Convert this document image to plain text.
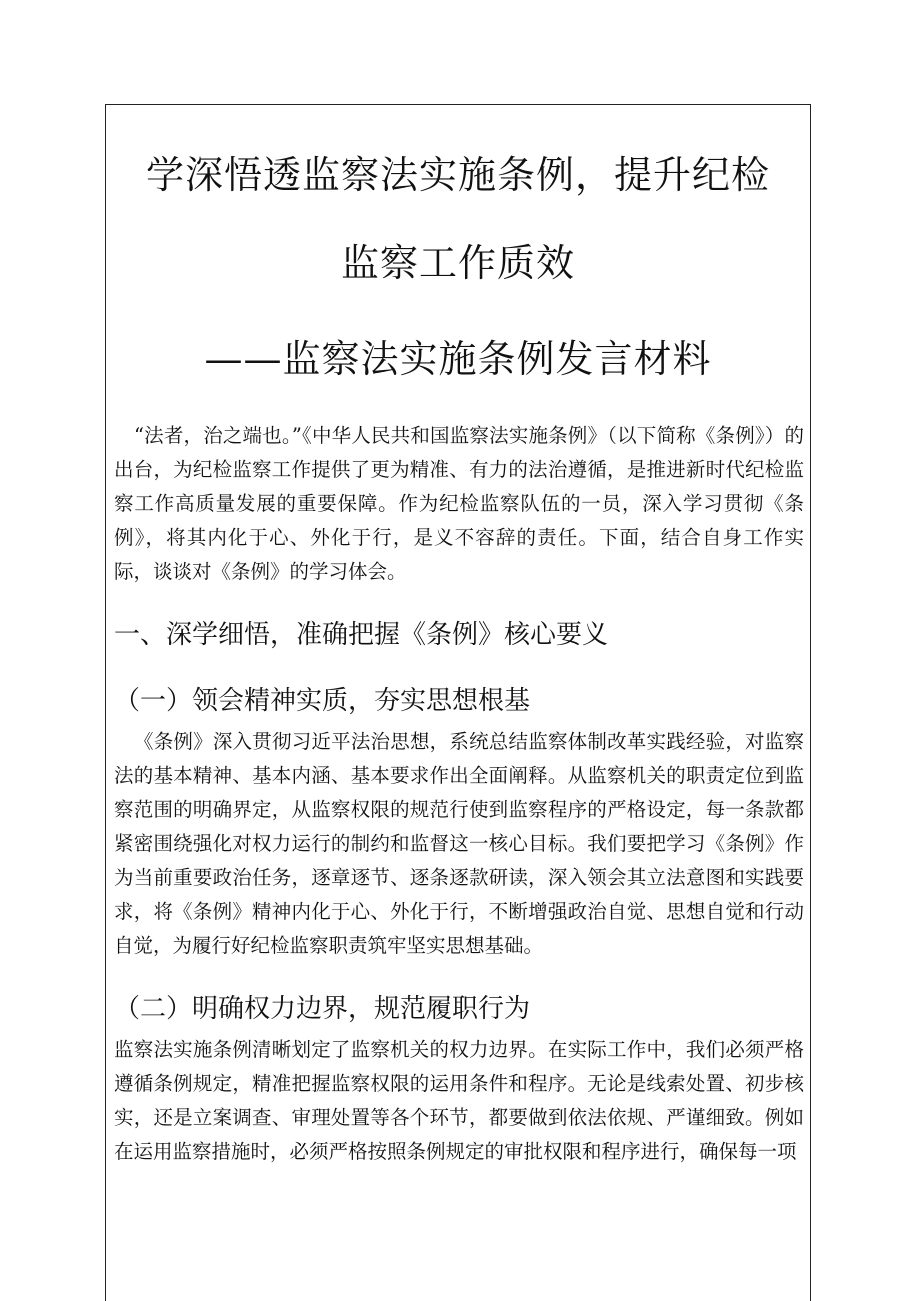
学深悟透监察法实施条例，提升纪检
监察工作质效
——监察法实施条例发言材料

“法者，治之端也。”《中华人民共和国监察法实施条例》（以下简称《条例》）的出台，为纪检监察工作提供了更为精准、有力的法治遵循，是推进新时代纪检监察工作高质量发展的重要保障。作为纪检监察队伍的一员，深入学习贯彻《条例》，将其内化于心、外化于行，是义不容辞的责任。下面，结合自身工作实际，谈谈对《条例》的学习体会。

一、深学细悟，准确把握《条例》核心要义
（一）领会精神实质，夯实思想根基

《条例》深入贯彻习近平法治思想，系统总结监察体制改革实践经验，对监察法的基本精神、基本内涵、基本要求作出全面阐释。从监察机关的职责定位到监察范围的明确界定，从监察权限的规范行使到监察程序的严格设定，每一条款都紧密围绕强化对权力运行的制约和监督这一核心目标。我们要把学习《条例》作为当前重要政治任务，逐章逐节、逐条逐款研读，深入领会其立法意图和实践要求，将《条例》精神内化于心、外化于行，不断增强政治自觉、思想自觉和行动自觉，为履行好纪检监察职责筑牢坚实思想基础。

（二）明确权力边界，规范履职行为

监察法实施条例清晰划定了监察机关的权力边界。在实际工作中，我们必须严格遵循条例规定，精准把握监察权限的运用条件和程序。无论是线索处置、初步核实，还是立案调查、审理处置等各个环节，都要做到依法依规、严谨细致。例如在运用监察措施时，必须严格按照条例规定的审批权限和程序进行，确保每一项
